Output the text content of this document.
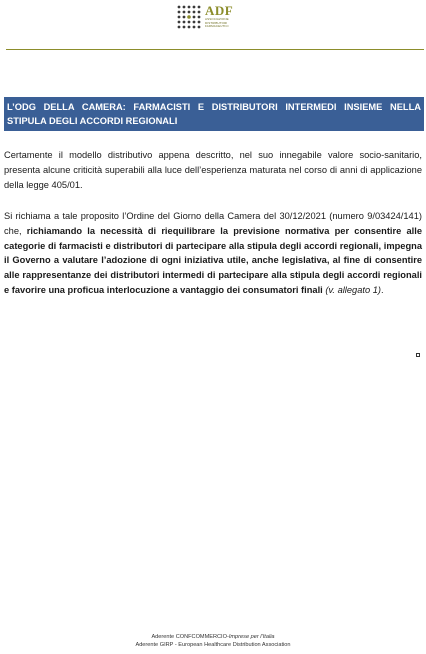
ADF
ASSOCIAZIONE DISTRIBUTORI FARMACEUTICI

L’ODG DELLA CAMERA: FARMACISTI E DISTRIBUTORI INTERMEDI INSIEME NELLA STIPULA DEGLI ACCORDI REGIONALI

Certamente il modello distributivo appena descritto, nel suo innegabile valore socio-sanitario, presenta alcune criticità superabili alla luce dell’esperienza maturata nel corso di anni di applicazione della legge 405/01.

Si richiama a tale proposito l’Ordine del Giorno della Camera del 30/12/2021 (numero 9/03424/141) che, richiamando la necessità di riequilibrare la previsione normativa per consentire alle categorie di farmacisti e distributori di partecipare alla stipula degli accordi regionali, impegna il Governo a valutare l’adozione di ogni iniziativa utile, anche legislativa, al fine di consentire alle rappresentanze dei distributori intermedi di partecipare alla stipula degli accordi regionali e favorire una proficua interlocuzione a vantaggio dei consumatori finali (v. allegato 1).

Aderente CONFCOMMERCIO-Imprese per l’Italia
Aderente GIRP - European Healthcare Distribution Association
